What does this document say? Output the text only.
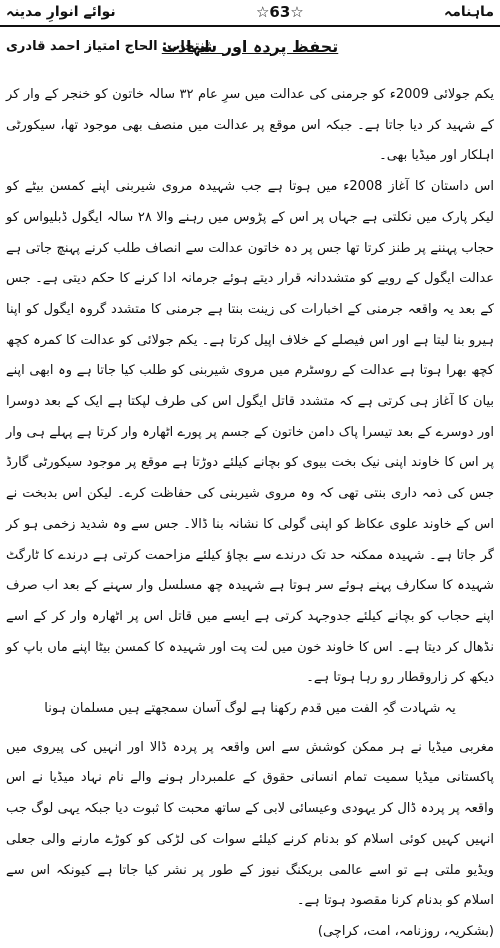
ماہنامہ
☆63☆
نوائے انوارِ مدینہ
تحفظ پردہ اور شہادت
انتخاب: الحاج امتیاز احمد قادری

یکم جولائی 2009ء کو جرمنی کی عدالت میں سرِ عام ۳۲ سالہ خاتون کو خنجر کے وار کر کے شہید کر دیا جاتا ہے۔ جبکہ اس موقع پر عدالت میں منصف بھی موجود تھا، سیکورٹی اہلکار اور میڈیا بھی۔

اس داستان کا آغاز 2008ء میں ہوتا ہے جب شہیدہ مروی شیربنی اپنے کمسن بیٹے کو لیکر پارک میں نکلتی ہے جہاں پر اس کے پڑوس میں رہنے والا ۲۸ سالہ ایگول ڈبلیواس کو حجاب پہننے پر طنز کرتا تھا جس پر دہ خاتون عدالت سے انصاف طلب کرنے پہنچ جاتی ہے عدالت ایگول کے رویے کو متشددانہ قرار دیتے ہوئے جرمانہ ادا کرنے کا حکم دیتی ہے۔ جس کے بعد یہ واقعہ جرمنی کے اخبارات کی زینت بنتا ہے جرمنی کا متشدد گروہ ایگول کو اپنا ہیرو بنا لیتا ہے اور اس فیصلے کے خلاف اپیل کرتا ہے۔ یکم جولائی کو عدالت کا کمرہ کچھ کچھ بھرا ہوتا ہے عدالت کے روسٹرم میں مروی شیربنی کو طلب کیا جاتا ہے وہ ابھی اپنے بیان کا آغاز ہی کرتی ہے کہ متشدد قاتل ایگول اس کی طرف لپکتا ہے ایک کے بعد دوسرا اور دوسرے کے بعد تیسرا پاک دامن خاتون کے جسم پر پورے اٹھارہ وار کرتا ہے پہلے ہی وار پر اس کا خاوند اپنی نیک بخت بیوی کو بچانے کیلئے دوڑتا ہے موقع پر موجود سیکورٹی گارڈ جس کی ذمہ داری بنتی تھی کہ وہ مروی شیربنی کی حفاظت کرے۔ لیکن اس بدبخت نے اس کے خاوند علوی عکاظ کو اپنی گولی کا نشانہ بنا ڈالا۔ جس سے وہ شدید زخمی ہو کر گر جاتا ہے۔ شہیدہ ممکنہ حد تک درندے سے بچاؤ کیلئے مزاحمت کرتی ہے درندے کا ٹارگٹ شہیدہ کا سکارف پہنے ہوئے سر ہوتا ہے شہیدہ چھ مسلسل وار سہنے کے بعد اب صرف اپنے حجاب کو بچانے کیلئے جدوجہد کرتی ہے ایسے میں قاتل اس پر اٹھارہ وار کر کے اسے نڈھال کر دیتا ہے۔ اس کا خاوند خون میں لت پت اور شہیدہ کا کمسن بیٹا اپنے ماں باپ کو دیکھ کر زاروقطار رو رہا ہوتا ہے۔

یہ شہادت گہِ الفت میں قدم رکھنا ہے لوگ آسان سمجھتے ہیں مسلمان ہونا

مغربی میڈیا نے ہر ممکن کوشش سے اس واقعہ پر پردہ ڈالا اور انہیں کی پیروی میں پاکستانی میڈیا سمیت تمام انسانی حقوق کے علمبردار ہونے والے نام نہاد میڈیا نے اس واقعہ پر پردہ ڈال کر یہودی وعیسائی لابی کے ساتھ محبت کا ثبوت دیا جبکہ یہی لوگ جب انہیں کہیں کوئی اسلام کو بدنام کرنے کیلئے سوات کی لڑکی کو کوڑے مارنے والی جعلی ویڈیو ملتی ہے تو اسے عالمی بریکنگ نیوز کے طور پر نشر کیا جاتا ہے کیونکہ اس سے اسلام کو بدنام کرنا مقصود ہوتا ہے۔

(بشکریہ، روزنامہ، امت، کراچی)
